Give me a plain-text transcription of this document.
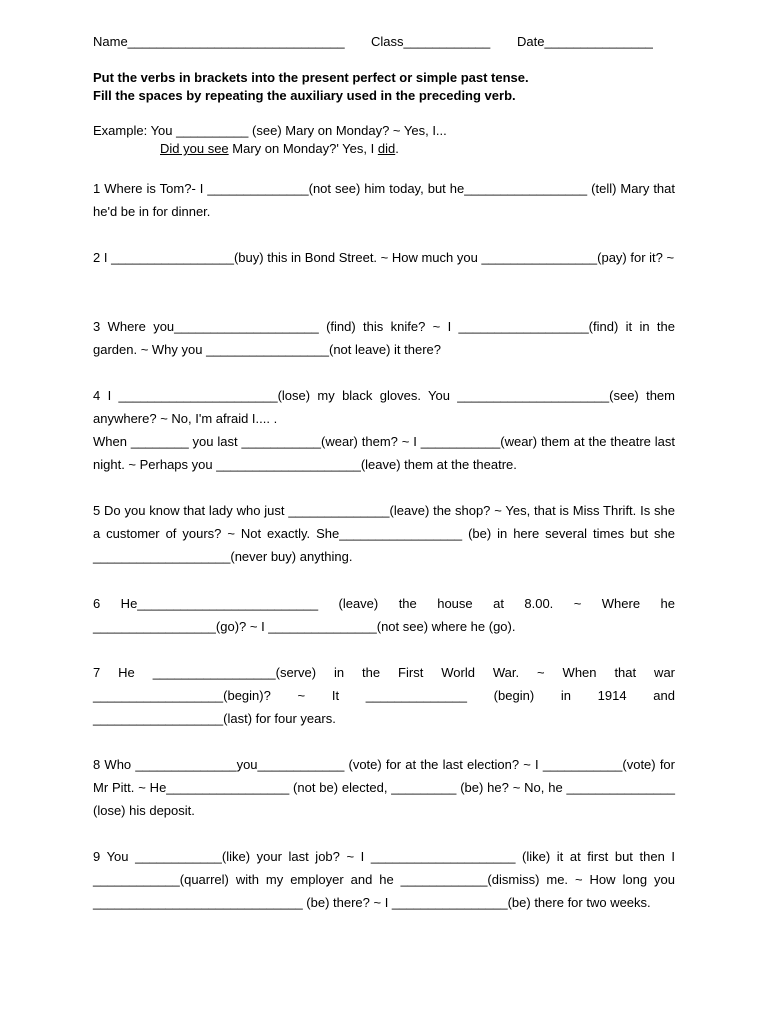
Name______________________________ Class____________ Date_______________
Put the verbs in brackets into the present perfect or simple past tense.
Fill the spaces by repeating the auxiliary used in the preceding verb.
Example: You __________ (see) Mary on Monday? ~ Yes, I...
Did you see Mary on Monday?' Yes, I did.

1 Where is Tom?- I ______________(not see) him today, but he_________________ (tell) Mary that he'd be in for dinner.

2 I _________________(buy) this in Bond Street. ~ How much you ________________(pay) for it? ~

3 Where you____________________ (find) this knife? ~ I __________________(find) it in the garden. ~ Why you _________________(not leave) it there?

4 I ______________________(lose) my black gloves. You _____________________(see) them anywhere? ~ No, I'm afraid I.... .

When ________ you last ___________(wear) them? ~ I ___________(wear) them at the theatre last night. ~ Perhaps you ____________________(leave) them at the theatre.

5 Do you know that lady who just ______________(leave) the shop? ~ Yes, that is Miss Thrift. Is she a customer of yours? ~ Not exactly. She_________________ (be) in here several times but she ___________________(never buy) anything.

6 He_________________________ (leave) the house at 8.00. ~ Where he _________________(go)? ~ I _______________(not see) where he (go).

7 He _________________(serve) in the First World War. ~ When that war __________________(begin)? ~ It ______________ (begin) in 1914 and __________________(last) for four years.

8 Who ______________you____________ (vote) for at the last election? ~ I ___________(vote) for Mr Pitt. ~ He_________________ (not be) elected, _________ (be) he? ~ No, he _______________ (lose) his deposit.

9 You ____________(like) your last job? ~ I ____________________ (like) it at first but then I ____________(quarrel) with my employer and he ____________(dismiss) me. ~ How long you _____________________________ (be) there? ~ I ________________(be) there for two weeks.
